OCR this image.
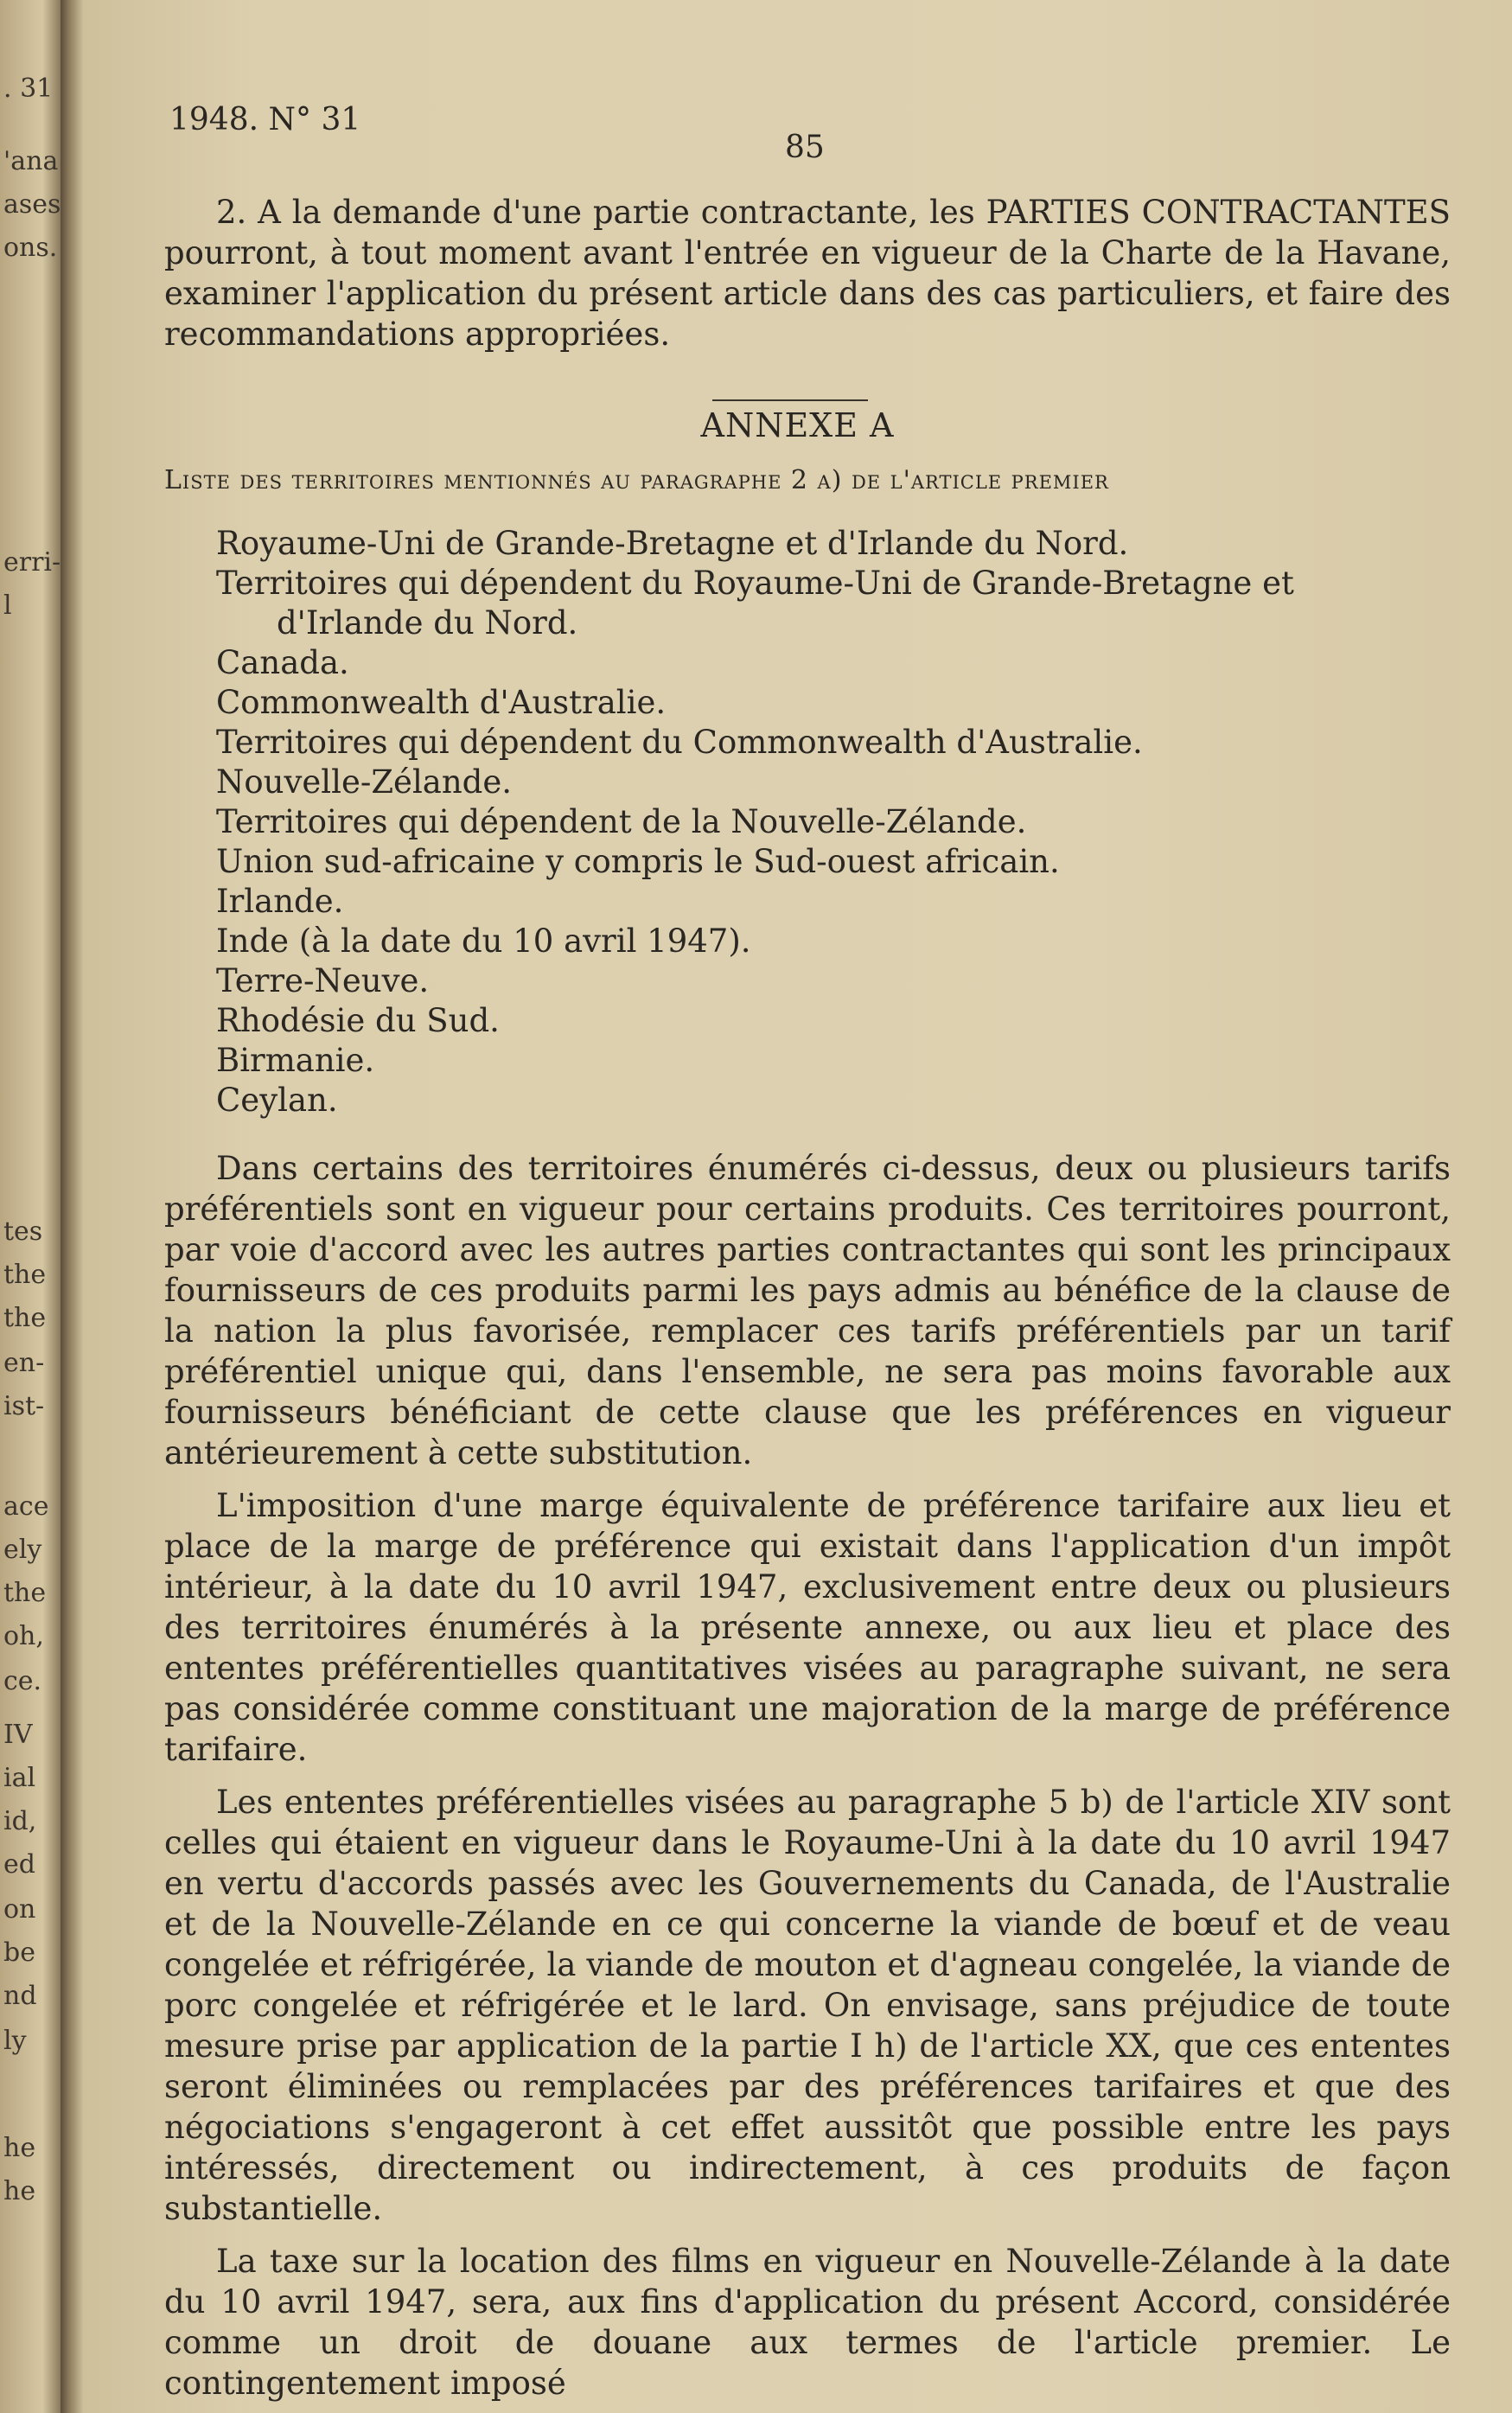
. 31
'ana
ases
ons.
erri-
l
tes
the
the
en-
ist-
ace
ely
the
oh,
ce.
IV
ial
id,
ed
on
be
nd
ly
he
he
1948. N° 31
85

2. A la demande d'une partie contractante, les PARTIES CONTRACTANTES pourront, à tout moment avant l'entrée en vigueur de la Charte de la Havane, examiner l'application du présent article dans des cas particuliers, et faire des recommandations appropriées.

ANNEXE A
Liste des territoires mentionnés au paragraphe 2 a) de l'article premier
Royaume-Uni de Grande-Bretagne et d'Irlande du Nord.
Territoires qui dépendent du Royaume-Uni de Grande-Bretagne et d'Irlande du Nord.
Canada.
Commonwealth d'Australie.
Territoires qui dépendent du Commonwealth d'Australie.
Nouvelle-Zélande.
Territoires qui dépendent de la Nouvelle-Zélande.
Union sud-africaine y compris le Sud-ouest africain.
Irlande.
Inde (à la date du 10 avril 1947).
Terre-Neuve.
Rhodésie du Sud.
Birmanie.
Ceylan.

Dans certains des territoires énumérés ci-dessus, deux ou plusieurs tarifs préférentiels sont en vigueur pour certains produits. Ces territoires pourront, par voie d'accord avec les autres parties contractantes qui sont les principaux fournisseurs de ces produits parmi les pays admis au bénéfice de la clause de la nation la plus favorisée, remplacer ces tarifs préférentiels par un tarif préférentiel unique qui, dans l'ensemble, ne sera pas moins favorable aux fournisseurs bénéficiant de cette clause que les préférences en vigueur antérieurement à cette substitution.

L'imposition d'une marge équivalente de préférence tarifaire aux lieu et place de la marge de préférence qui existait dans l'application d'un impôt intérieur, à la date du 10 avril 1947, exclusivement entre deux ou plusieurs des territoires énumérés à la présente annexe, ou aux lieu et place des ententes préférentielles quantitatives visées au paragraphe suivant, ne sera pas considérée comme constituant une majoration de la marge de préférence tarifaire.

Les ententes préférentielles visées au paragraphe 5 b) de l'article XIV sont celles qui étaient en vigueur dans le Royaume-Uni à la date du 10 avril 1947 en vertu d'accords passés avec les Gouvernements du Canada, de l'Australie et de la Nouvelle-Zélande en ce qui concerne la viande de bœuf et de veau congelée et réfrigérée, la viande de mouton et d'agneau congelée, la viande de porc congelée et réfrigérée et le lard. On envisage, sans préjudice de toute mesure prise par application de la partie I h) de l'article XX, que ces ententes seront éliminées ou remplacées par des préférences tarifaires et que des négociations s'engageront à cet effet aussitôt que possible entre les pays intéressés, directement ou indirectement, à ces produits de façon substantielle.

La taxe sur la location des films en vigueur en Nouvelle-Zélande à la date du 10 avril 1947, sera, aux fins d'application du présent Accord, considérée comme un droit de douane aux termes de l'article premier. Le contingentement imposé
